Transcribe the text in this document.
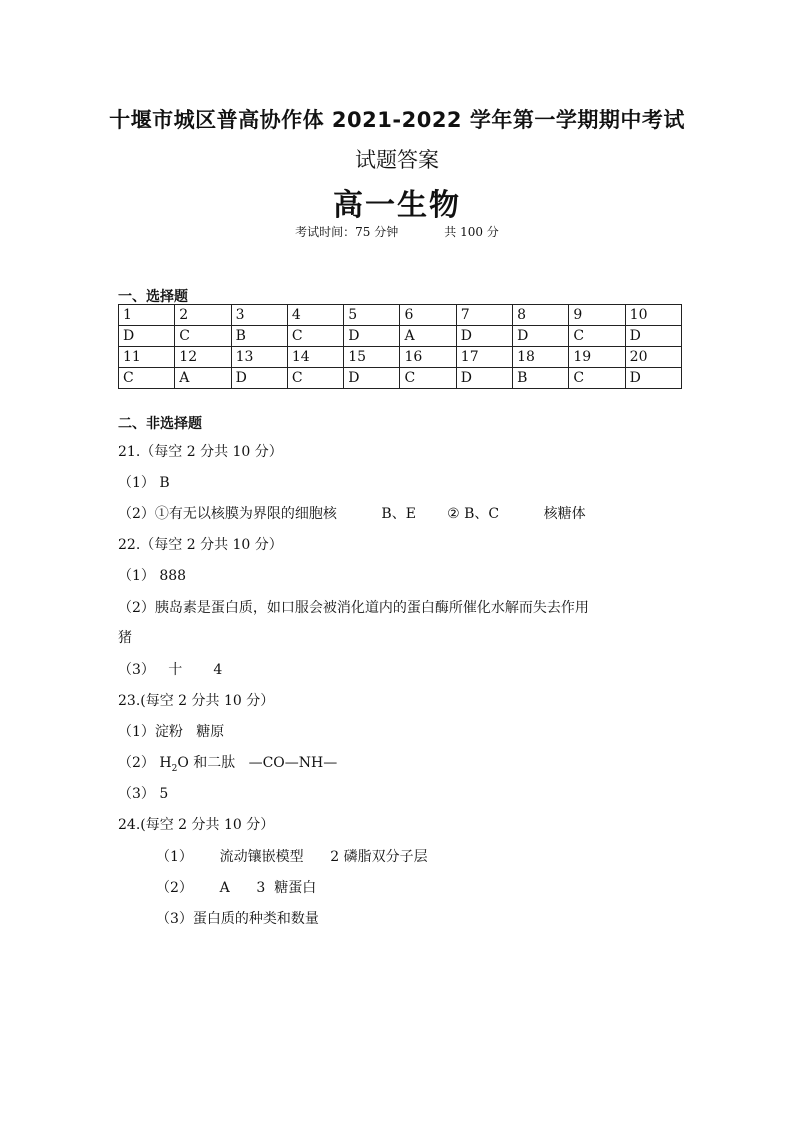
十堰市城区普高协作体 2021-2022 学年第一学期期中考试
试题答案
高一生物
考试时间：75 分钟	共 100 分
一、选择题
1	2	3	4	5	6	7	8	9	10
D	C	B	C	D	A	D	D	C	D
11	12	13	14	15	16	17	18	19	20
C	A	D	C	D	C	D	B	C	D
二、非选择题
21.（每空 2 分共 10 分）
（1） B
（2）①有无以核膜为界限的细胞核          B、E       ② B、C          核糖体
22.（每空 2 分共 10 分）
（1） 888
（2）胰岛素是蛋白质，如口服会被消化道内的蛋白酶所催化水解而失去作用
猪
（3）   十       4
23.(每空 2 分共 10 分）
（1）淀粉   糖原
（2） $H_2O$ 和二肽   —CO—NH—
（3） 5
24.(每空 2 分共 10 分）
（1）      流动镶嵌模型      2 磷脂双分子层
（2）      A      3  糖蛋白
（3）蛋白质的种类和数量
